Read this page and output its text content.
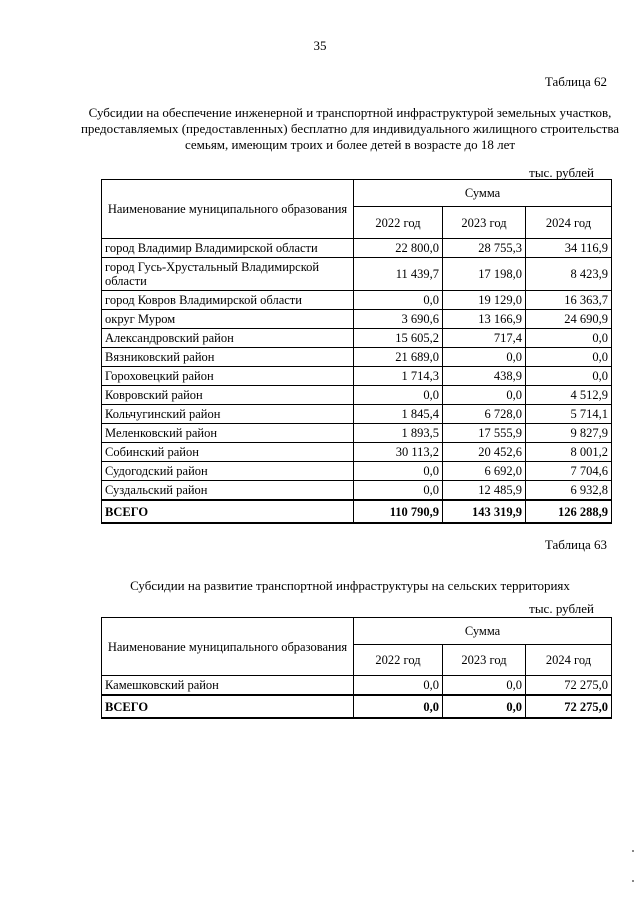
35
Таблица 62
Субсидии на обеспечение инженерной и транспортной инфраструктурой земельных участков, предоставляемых (предоставленных) бесплатно для индивидуального жилищного строительства семьям, имеющим троих и более детей в возрасте до 18 лет
тыс. рублей
Наименование муниципального образования	Сумма		
	2022 год	2023 год	2024 год
город Владимир Владимирской области	22 800,0	28 755,3	34 116,9
город Гусь-Хрустальный Владимирской области	11 439,7	17 198,0	8 423,9
город Ковров Владимирской области	0,0	19 129,0	16 363,7
округ Муром	3 690,6	13 166,9	24 690,9
Александровский район	15 605,2	717,4	0,0
Вязниковский район	21 689,0	0,0	0,0
Гороховецкий район	1 714,3	438,9	0,0
Ковровский район	0,0	0,0	4 512,9
Кольчугинский район	1 845,4	6 728,0	5 714,1
Меленковский район	1 893,5	17 555,9	9 827,9
Собинский район	30 113,2	20 452,6	8 001,2
Судогодский район	0,0	6 692,0	7 704,6
Суздальский район	0,0	12 485,9	6 932,8
ВСЕГО	110 790,9	143 319,9	126 288,9
Таблица 63
Субсидии на развитие транспортной инфраструктуры на сельских территориях
тыс. рублей
Наименование муниципального образования	Сумма		
	2022 год	2023 год	2024 год
Камешковский район	0,0	0,0	72 275,0
ВСЕГО	0,0	0,0	72 275,0
